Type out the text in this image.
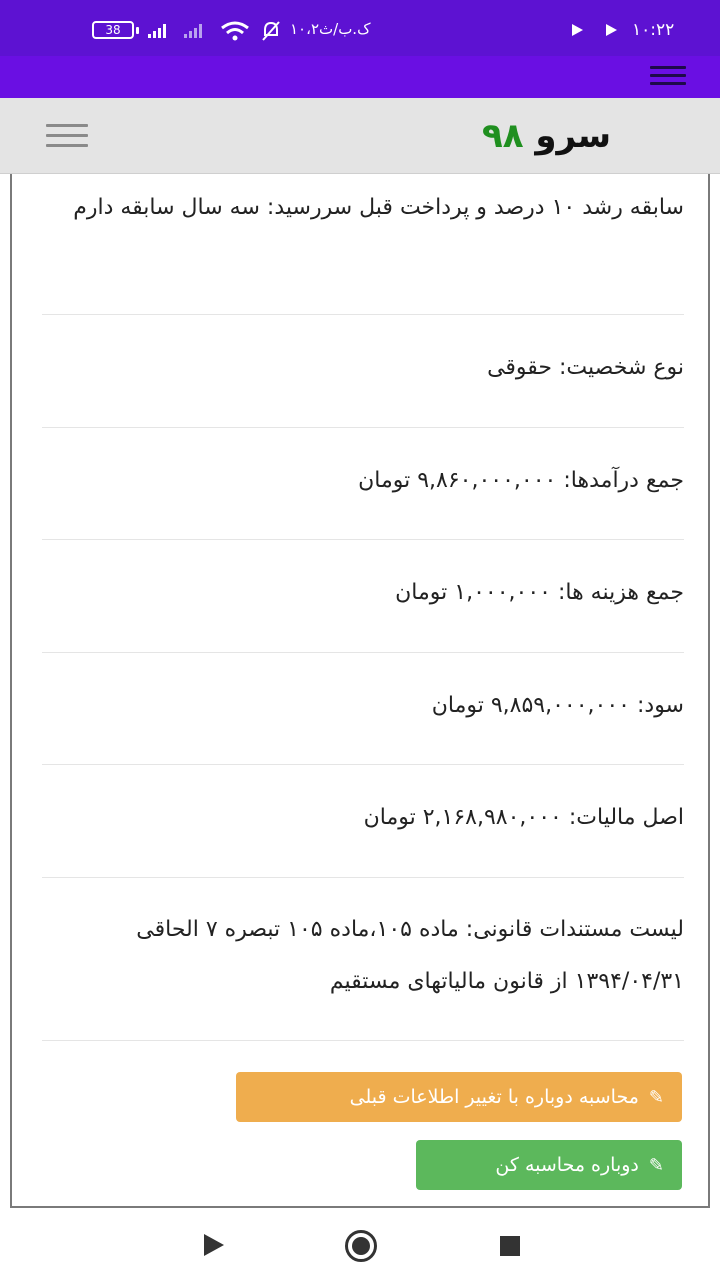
38	۱۰،۲ک.ب/ث	۱۰:۲۲
سرو ۹۸
سابقه رشد ۱۰ درصد و پرداخت قبل سررسید: سه سال سابقه دارم
نوع شخصیت: حقوقی
جمع درآمدها: ۹,۸۶۰,۰۰۰,۰۰۰ تومان
جمع هزینه ها: ۱,۰۰۰,۰۰۰ تومان
سود: ۹,۸۵۹,۰۰۰,۰۰۰ تومان
اصل مالیات: ۲,۱۶۸,۹۸۰,۰۰۰ تومان
لیست مستندات قانونی: ماده ۱۰۵،ماده ۱۰۵ تبصره ۷ الحاقی ۱۳۹۴/۰۴/۳۱ از قانون مالیاتهای مستقیم
✎
محاسبه دوباره با تغییر اطلاعات قبلی
✎
دوباره محاسبه کن
